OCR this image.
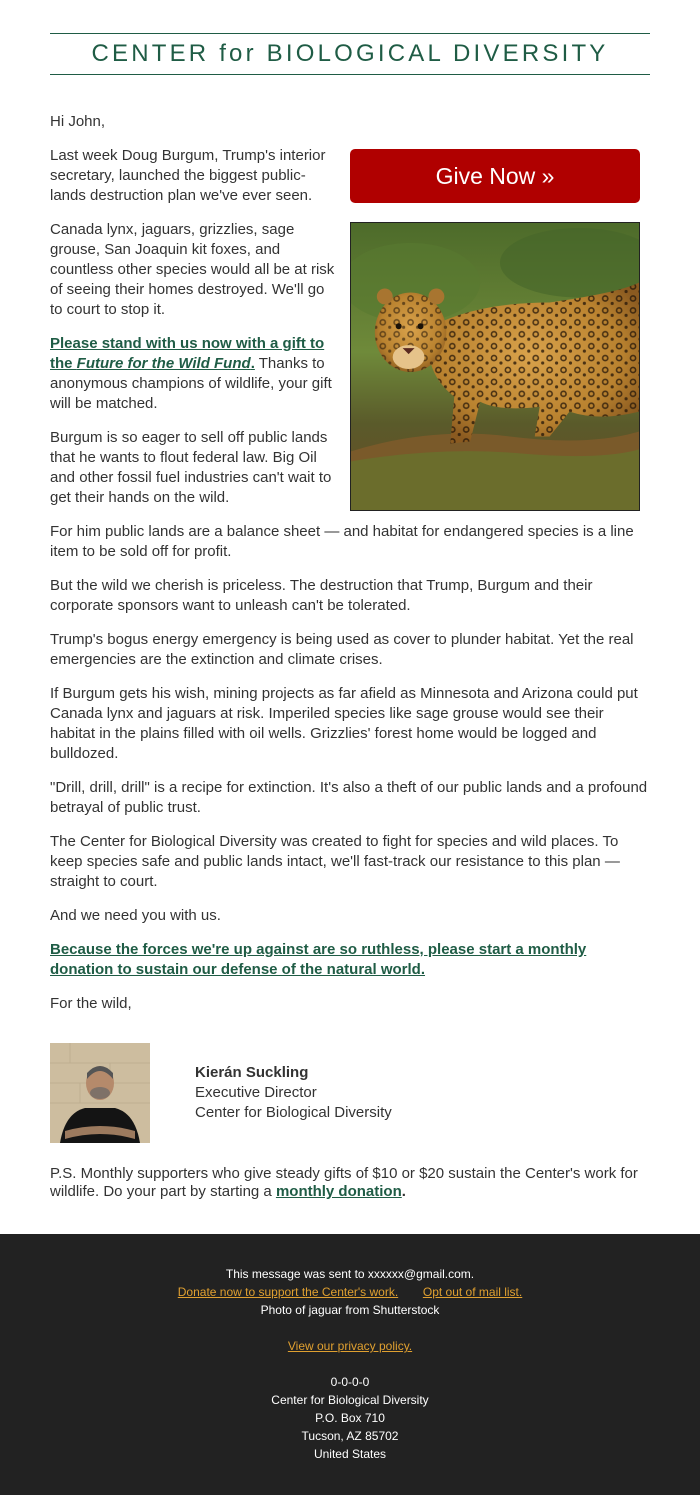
CENTER for BIOLOGICAL DIVERSITY

Hi John,

Give Now »

Last week Doug Burgum, Trump's interior secretary, launched the biggest public-lands destruction plan we've ever seen.

Canada lynx, jaguars, grizzlies, sage grouse, San Joaquin kit foxes, and countless other species would all be at risk of seeing their homes destroyed. We'll go to court to stop it.

Please stand with us now with a gift to the Future for the Wild Fund. Thanks to anonymous champions of wildlife, your gift will be matched.

Burgum is so eager to sell off public lands that he wants to flout federal law. Big Oil and other fossil fuel industries can't wait to get their hands on the wild.

For him public lands are a balance sheet — and habitat for endangered species is a line item to be sold off for profit.

But the wild we cherish is priceless. The destruction that Trump, Burgum and their corporate sponsors want to unleash can't be tolerated.

Trump's bogus energy emergency is being used as cover to plunder habitat. Yet the real emergencies are the extinction and climate crises.

If Burgum gets his wish, mining projects as far afield as Minnesota and Arizona could put Canada lynx and jaguars at risk. Imperiled species like sage grouse would see their habitat in the plains filled with oil wells. Grizzlies' forest home would be logged and bulldozed.

"Drill, drill, drill" is a recipe for extinction. It's also a theft of our public lands and a profound betrayal of public trust.

The Center for Biological Diversity was created to fight for species and wild places. To keep species safe and public lands intact, we'll fast-track our resistance to this plan — straight to court.

And we need you with us.

Because the forces we're up against are so ruthless, please start a monthly donation to sustain our defense of the natural world.

For the wild,

Kierán Suckling
Executive Director
Center for Biological Diversity
P.S. Monthly supporters who give steady gifts of $10 or $20 sustain the Center's work for wildlife. Do your part by starting a monthly donation.
This message was sent to xxxxxx@gmail.com.
Donate now to support the Center's work. Opt out of mail list.
Photo of jaguar from Shutterstock
View our privacy policy.
0-0-0-0
Center for Biological Diversity
P.O. Box 710
Tucson, AZ 85702
United States
